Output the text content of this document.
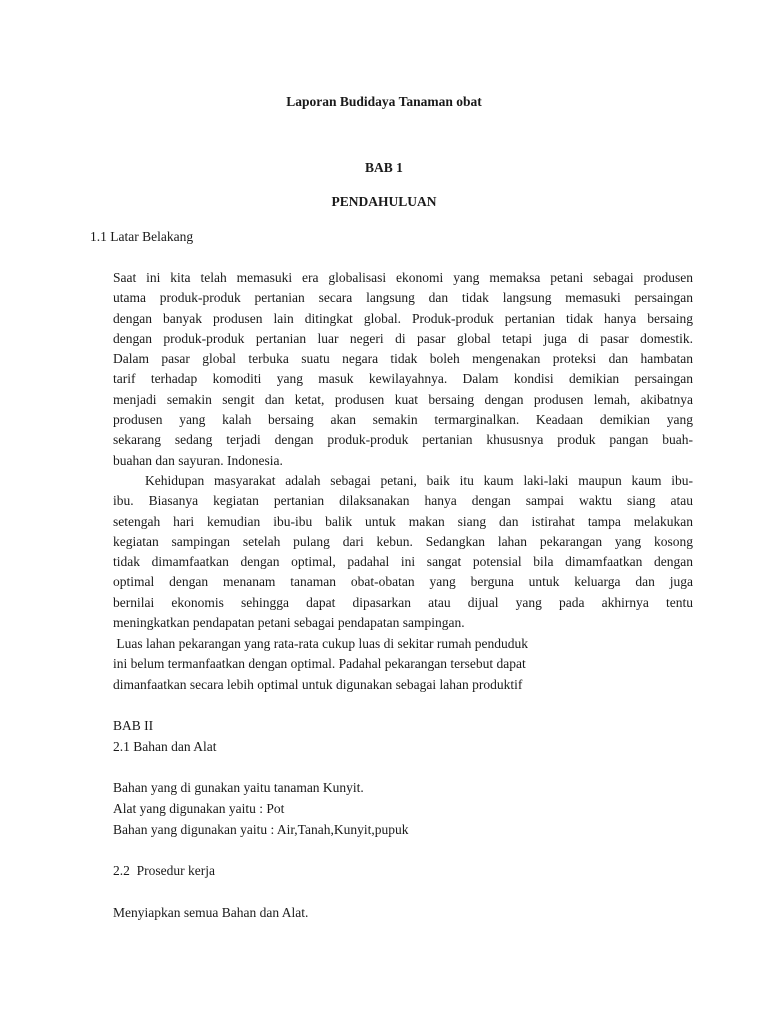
Laporan Budidaya Tanaman obat

BAB 1

PENDAHULUAN

1.1 Latar Belakang

Saat ini kita telah memasuki era globalisasi ekonomi yang memaksa petani sebagai produsen
utama produk-produk pertanian secara langsung dan tidak langsung memasuki persaingan
dengan banyak produsen lain ditingkat global. Produk-produk pertanian tidak hanya bersaing
dengan produk-produk pertanian luar negeri di pasar global tetapi juga di pasar domestik.
Dalam pasar global terbuka suatu negara tidak boleh mengenakan proteksi dan hambatan
tarif terhadap komoditi yang masuk kewilayahnya. Dalam kondisi demikian persaingan
menjadi semakin sengit dan ketat, produsen kuat bersaing dengan produsen lemah, akibatnya
produsen yang kalah bersaing akan semakin termarginalkan. Keadaan demikian yang
sekarang sedang terjadi dengan produk-produk pertanian khususnya produk pangan buah-
buahan dan sayuran. Indonesia.
Kehidupan masyarakat adalah sebagai petani, baik itu kaum laki-laki maupun kaum ibu-
ibu. Biasanya kegiatan pertanian dilaksanakan hanya dengan sampai waktu siang atau
setengah hari kemudian ibu-ibu balik untuk makan siang dan istirahat tampa melakukan
kegiatan sampingan setelah pulang dari kebun. Sedangkan lahan pekarangan yang kosong
tidak dimamfaatkan dengan optimal, padahal ini sangat potensial bila dimamfaatkan dengan
optimal dengan menanam tanaman obat-obatan yang berguna untuk keluarga dan juga
bernilai ekonomis sehingga dapat dipasarkan atau dijual yang pada akhirnya tentu
meningkatkan pendapatan petani sebagai pendapatan sampingan.
Luas lahan pekarangan yang rata-rata cukup luas di sekitar rumah penduduk
ini belum termanfaatkan dengan optimal. Padahal pekarangan tersebut dapat
dimanfaatkan secara lebih optimal untuk digunakan sebagai lahan produktif

BAB II

2.1 Bahan dan Alat

Bahan yang di gunakan yaitu tanaman Kunyit.

Alat yang digunakan yaitu : Pot

Bahan yang digunakan yaitu : Air,Tanah,Kunyit,pupuk

2.2  Prosedur kerja

Menyiapkan semua Bahan dan Alat.
